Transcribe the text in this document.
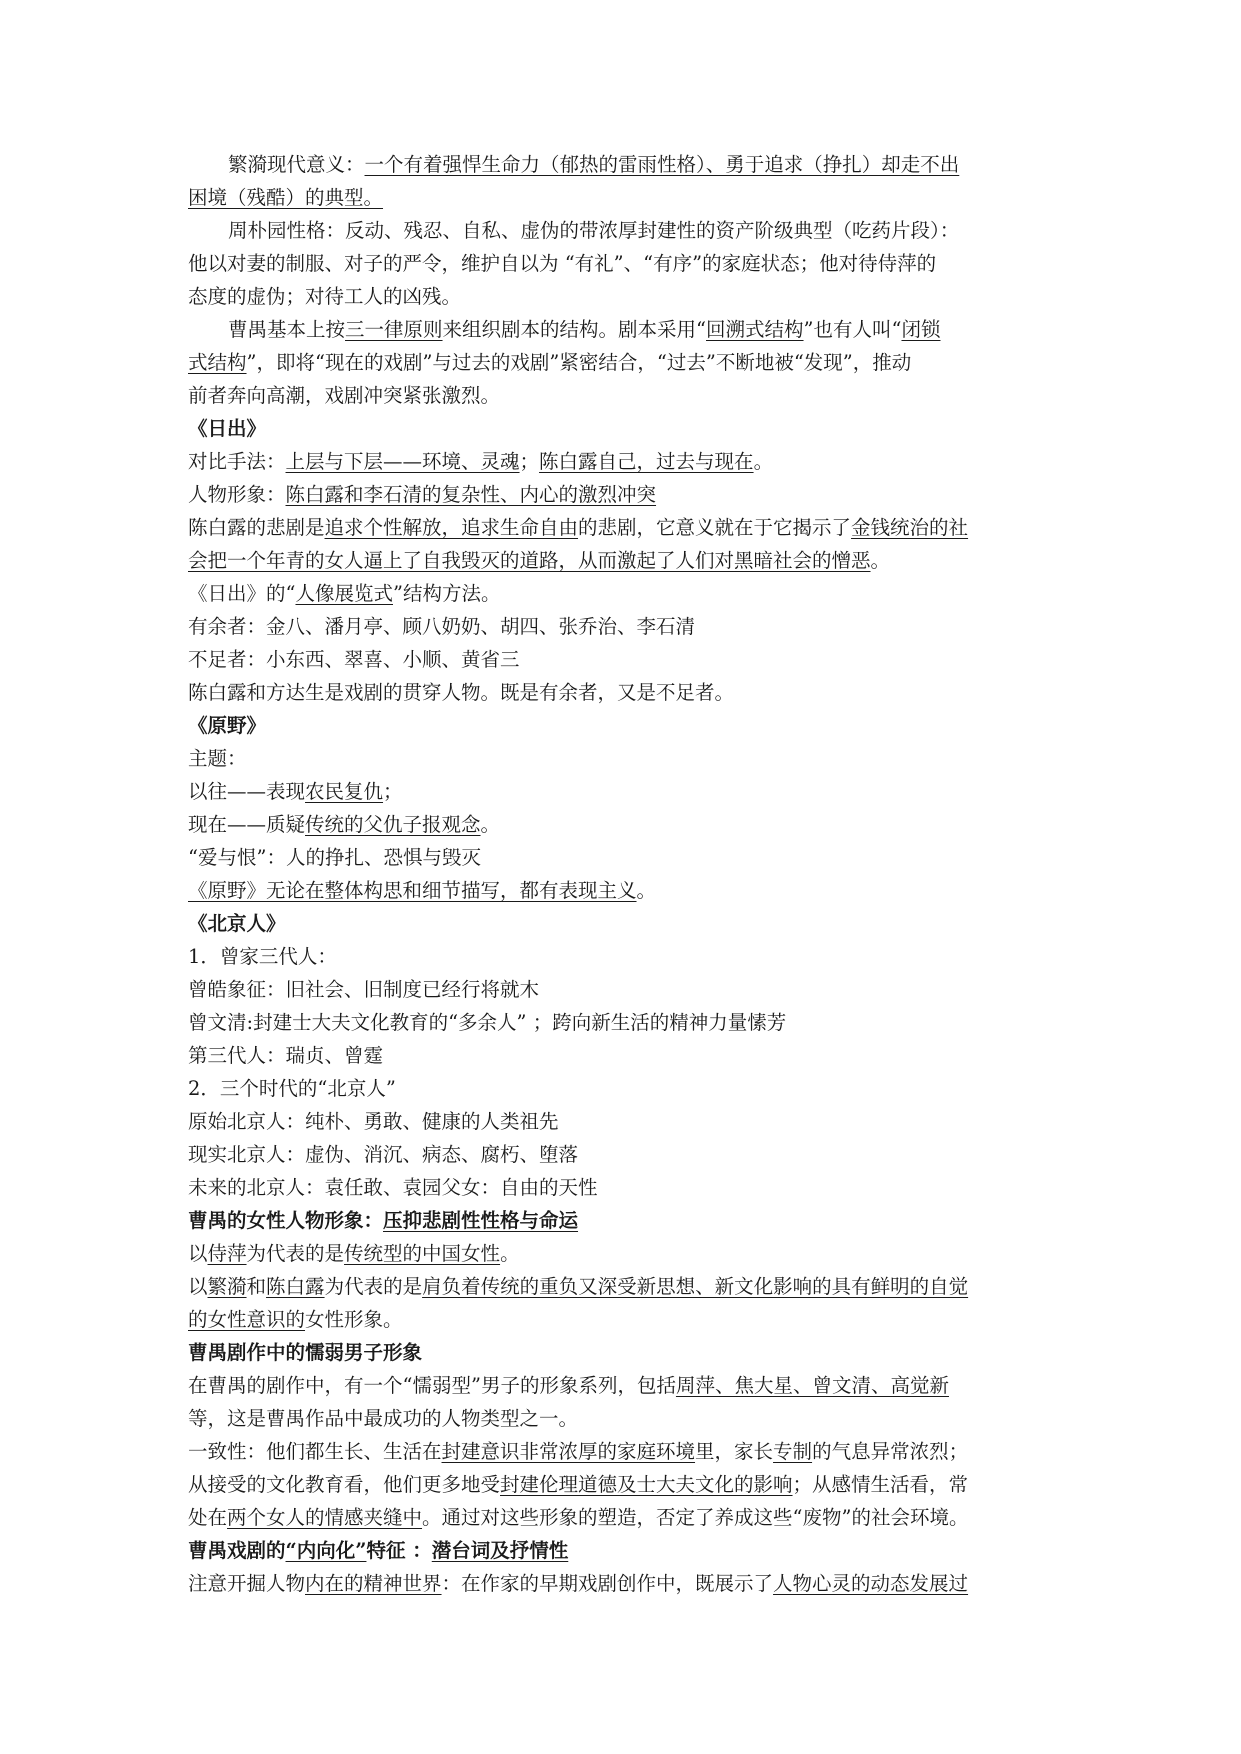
繁漪现代意义：一个有着强悍生命力（郁热的雷雨性格）、勇于追求（挣扎）却走不出
困境（残酷）的典型。
周朴园性格：反动、残忍、自私、虚伪的带浓厚封建性的资产阶级典型（吃药片段）：
他以对妻的制服、对子的严令，维护自以为 “有礼”、“有序”的家庭状态；他对待侍萍的
态度的虚伪；对待工人的凶残。
曹禺基本上按三一律原则来组织剧本的结构。剧本采用“回溯式结构”也有人叫“闭锁
式结构”，即将“现在的戏剧”与过去的戏剧”紧密结合，“过去”不断地被“发现”，推动
前者奔向高潮，戏剧冲突紧张激烈。
《日出》
对比手法：上层与下层——环境、灵魂；陈白露自己，过去与现在。
人物形象：陈白露和李石清的复杂性、内心的激烈冲突
陈白露的悲剧是追求个性解放，追求生命自由的悲剧，它意义就在于它揭示了金钱统治的社
会把一个年青的女人逼上了自我毁灭的道路，从而激起了人们对黑暗社会的憎恶。
《日出》的“人像展览式”结构方法。
有余者：金八、潘月亭、顾八奶奶、胡四、张乔治、李石清
不足者：小东西、翠喜、小顺、黄省三
陈白露和方达生是戏剧的贯穿人物。既是有余者，又是不足者。
《原野》
主题：
以往——表现农民复仇；
现在——质疑传统的父仇子报观念。
“爱与恨”：人的挣扎、恐惧与毁灭
《原野》无论在整体构思和细节描写，都有表现主义。
《北京人》
1．曾家三代人：
曾皓象征：旧社会、旧制度已经行将就木
曾文清:封建士大夫文化教育的“多余人” ；跨向新生活的精神力量愫芳
第三代人：瑞贞、曾霆
2．三个时代的“北京人”
原始北京人：纯朴、勇敢、健康的人类祖先
现实北京人：虚伪、消沉、病态、腐朽、堕落
未来的北京人：袁任敢、袁园父女：自由的天性
曹禺的女性人物形象：压抑悲剧性性格与命运
以侍萍为代表的是传统型的中国女性。
以繁漪和陈白露为代表的是肩负着传统的重负又深受新思想、新文化影响的具有鲜明的自觉
的女性意识的女性形象。
曹禺剧作中的懦弱男子形象
在曹禺的剧作中，有一个“懦弱型”男子的形象系列，包括周萍、焦大星、曾文清、高觉新
等，这是曹禺作品中最成功的人物类型之一。
一致性：他们都生长、生活在封建意识非常浓厚的家庭环境里，家长专制的气息异常浓烈；
从接受的文化教育看，他们更多地受封建伦理道德及士大夫文化的影响；从感情生活看，常
处在两个女人的情感夹缝中。通过对这些形象的塑造，否定了养成这些“废物”的社会环境。
曹禺戏剧的“内向化”特征 ：潜台词及抒情性
注意开掘人物内在的精神世界：在作家的早期戏剧创作中，既展示了人物心灵的动态发展过
